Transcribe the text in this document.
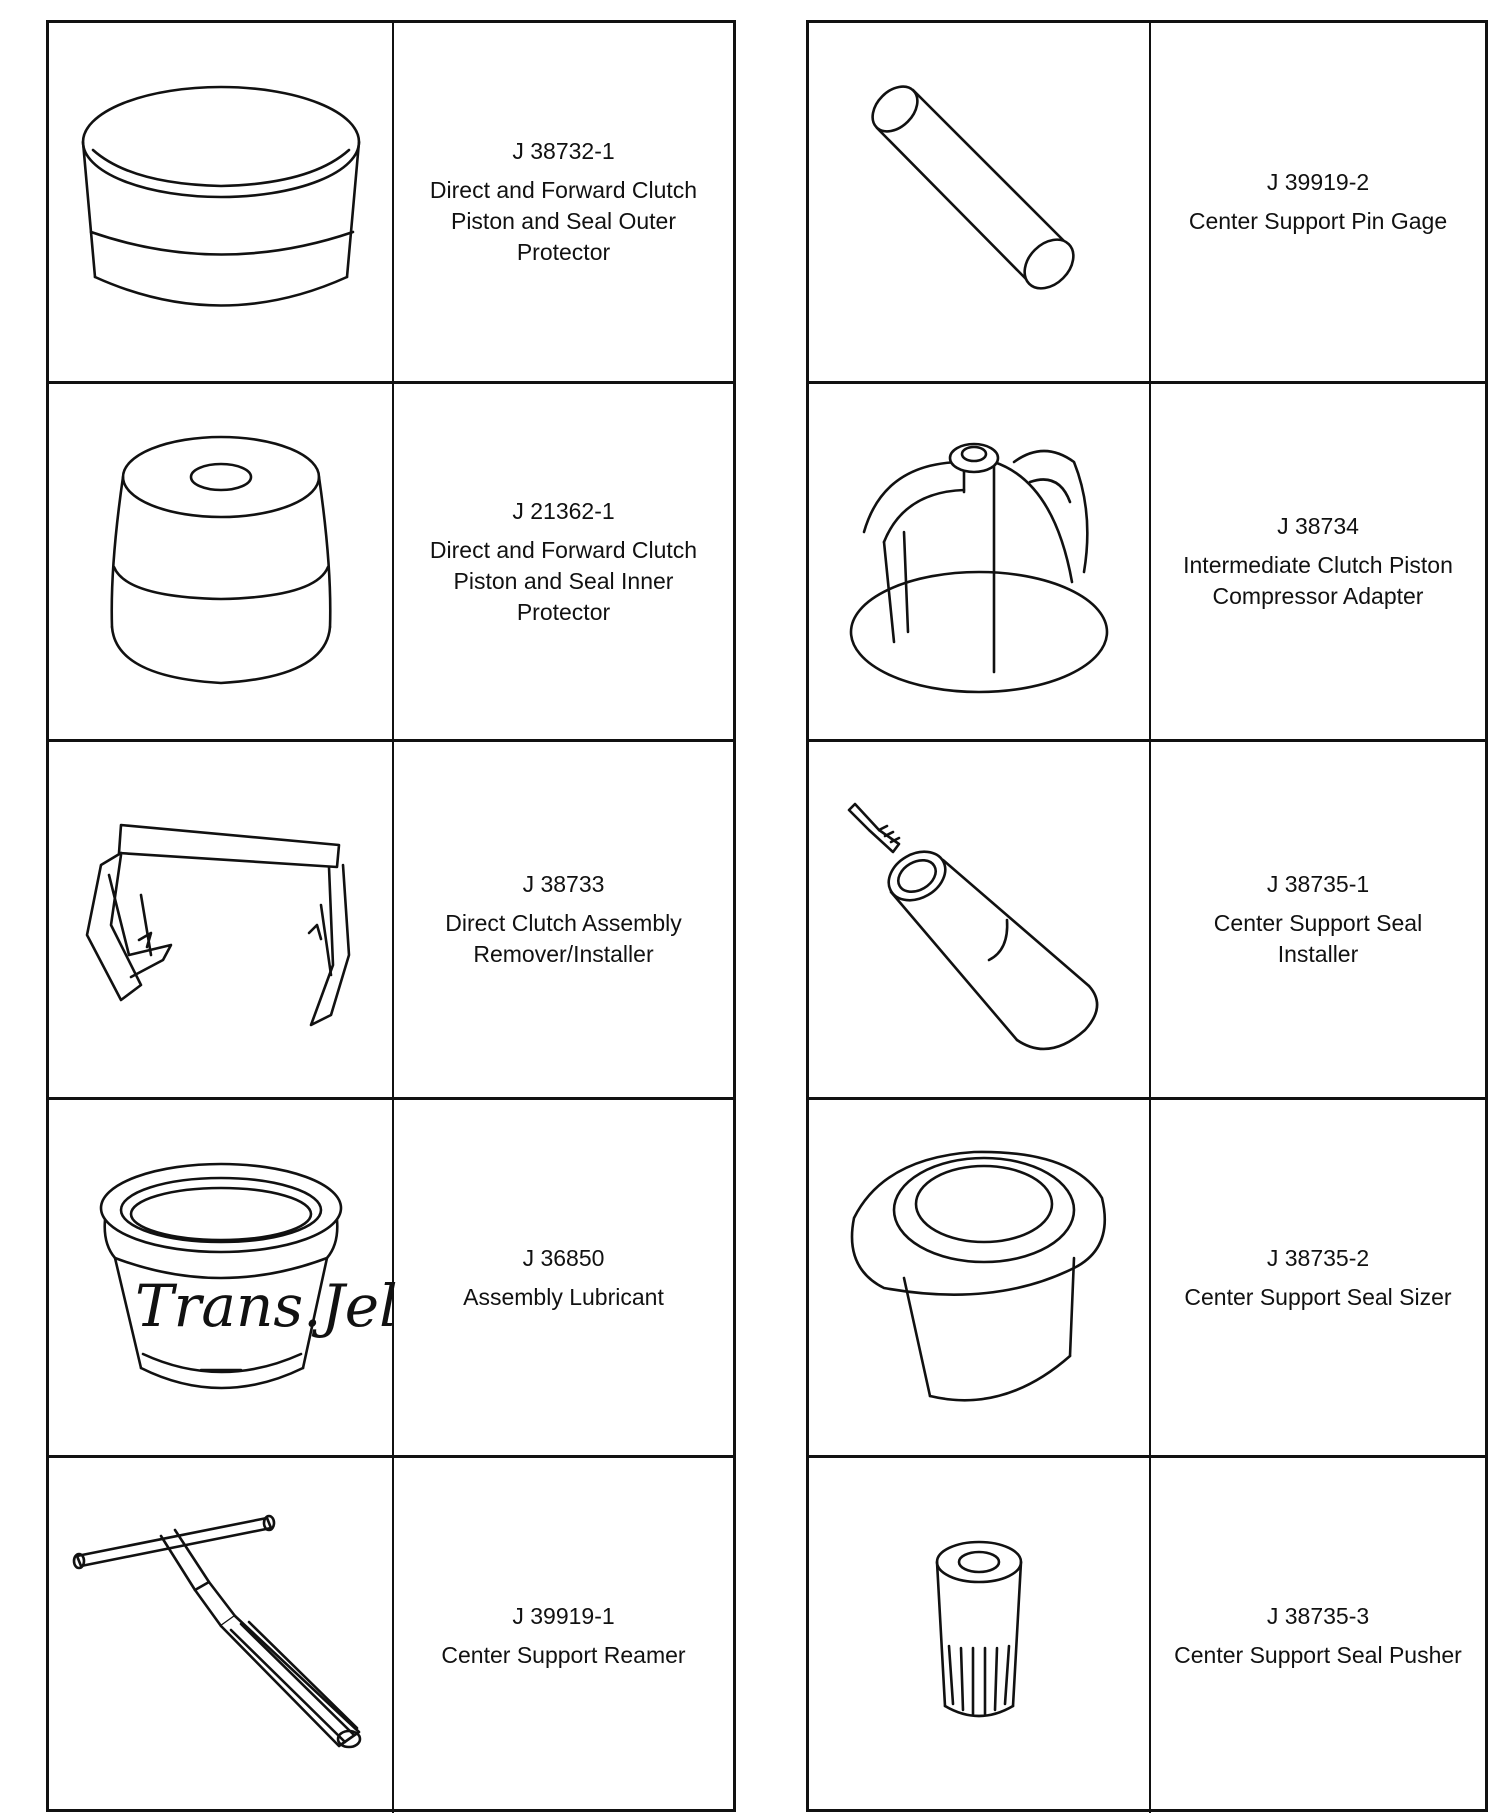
J 38732-1
Direct and Forward Clutch
Piston and Seal Outer
Protector
J 21362-1
Direct and Forward Clutch
Piston and Seal Inner
Protector
J 38733
Direct Clutch Assembly
Remover/Installer
Trans.Jel
J 36850
Assembly Lubricant
J 39919-1
Center Support Reamer
J 39919-2
Center Support Pin Gage
J 38734
Intermediate Clutch Piston
Compressor Adapter
J 38735-1
Center Support Seal
Installer
J 38735-2
Center Support Seal Sizer
J 38735-3
Center Support Seal Pusher
